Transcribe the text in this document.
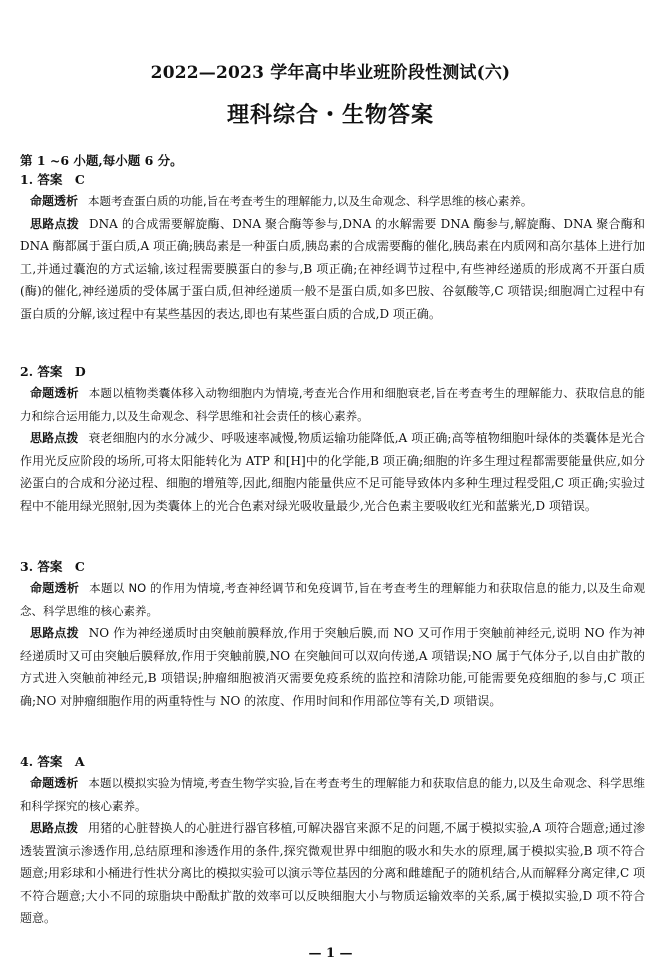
2022—2023 学年高中毕业班阶段性测试(六)
理科综合・生物答案
第 1 ~6 小题,每小题 6 分。
1. 答案　C

命题透析 本题考查蛋白质的功能,旨在考查考生的理解能力,以及生命观念、科学思维的核心素养。

思路点拨 DNA 的合成需要解旋酶、DNA 聚合酶等参与,DNA 的水解需要 DNA 酶参与,解旋酶、DNA 聚合酶和 DNA 酶都属于蛋白质,A 项正确;胰岛素是一种蛋白质,胰岛素的合成需要酶的催化,胰岛素在内质网和高尔基体上进行加工,并通过囊泡的方式运输,该过程需要膜蛋白的参与,B 项正确;在神经调节过程中,有些神经递质的形成离不开蛋白质(酶)的催化,神经递质的受体属于蛋白质,但神经递质一般不是蛋白质,如多巴胺、谷氨酸等,C 项错误;细胞凋亡过程中有蛋白质的分解,该过程中有某些基因的表达,即也有某些蛋白质的合成,D 项正确。

2. 答案　D

命题透析 本题以植物类囊体移入动物细胞内为情境,考查光合作用和细胞衰老,旨在考查考生的理解能力、获取信息的能力和综合运用能力,以及生命观念、科学思维和社会责任的核心素养。

思路点拨 衰老细胞内的水分减少、呼吸速率减慢,物质运输功能降低,A 项正确;高等植物细胞叶绿体的类囊体是光合作用光反应阶段的场所,可将太阳能转化为 ATP 和[H]中的化学能,B 项正确;细胞的许多生理过程都需要能量供应,如分泌蛋白的合成和分泌过程、细胞的增殖等,因此,细胞内能量供应不足可能导致体内多种生理过程受阻,C 项正确;实验过程中不能用绿光照射,因为类囊体上的光合色素对绿光吸收量最少,光合色素主要吸收红光和蓝紫光,D 项错误。

3. 答案　C

命题透析 本题以 NO 的作用为情境,考查神经调节和免疫调节,旨在考查考生的理解能力和获取信息的能力,以及生命观念、科学思维的核心素养。

思路点拨 NO 作为神经递质时由突触前膜释放,作用于突触后膜,而 NO 又可作用于突触前神经元,说明 NO 作为神经递质时又可由突触后膜释放,作用于突触前膜,NO 在突触间可以双向传递,A 项错误;NO 属于气体分子,以自由扩散的方式进入突触前神经元,B 项错误;肿瘤细胞被消灭需要免疫系统的监控和清除功能,可能需要免疫细胞的参与,C 项正确;NO 对肿瘤细胞作用的两重特性与 NO 的浓度、作用时间和作用部位等有关,D 项错误。

4. 答案　A

命题透析 本题以模拟实验为情境,考查生物学实验,旨在考查考生的理解能力和获取信息的能力,以及生命观念、科学思维和科学探究的核心素养。

思路点拨 用猪的心脏替换人的心脏进行器官移植,可解决器官来源不足的问题,不属于模拟实验,A 项符合题意;通过渗透装置演示渗透作用,总结原理和渗透作用的条件,探究微观世界中细胞的吸水和失水的原理,属于模拟实验,B 项不符合题意;用彩球和小桶进行性状分离比的模拟实验可以演示等位基因的分离和雌雄配子的随机结合,从而解释分离定律,C 项不符合题意;大小不同的琼脂块中酚酞扩散的效率可以反映细胞大小与物质运输效率的关系,属于模拟实验,D 项不符合题意。

— 1 —
